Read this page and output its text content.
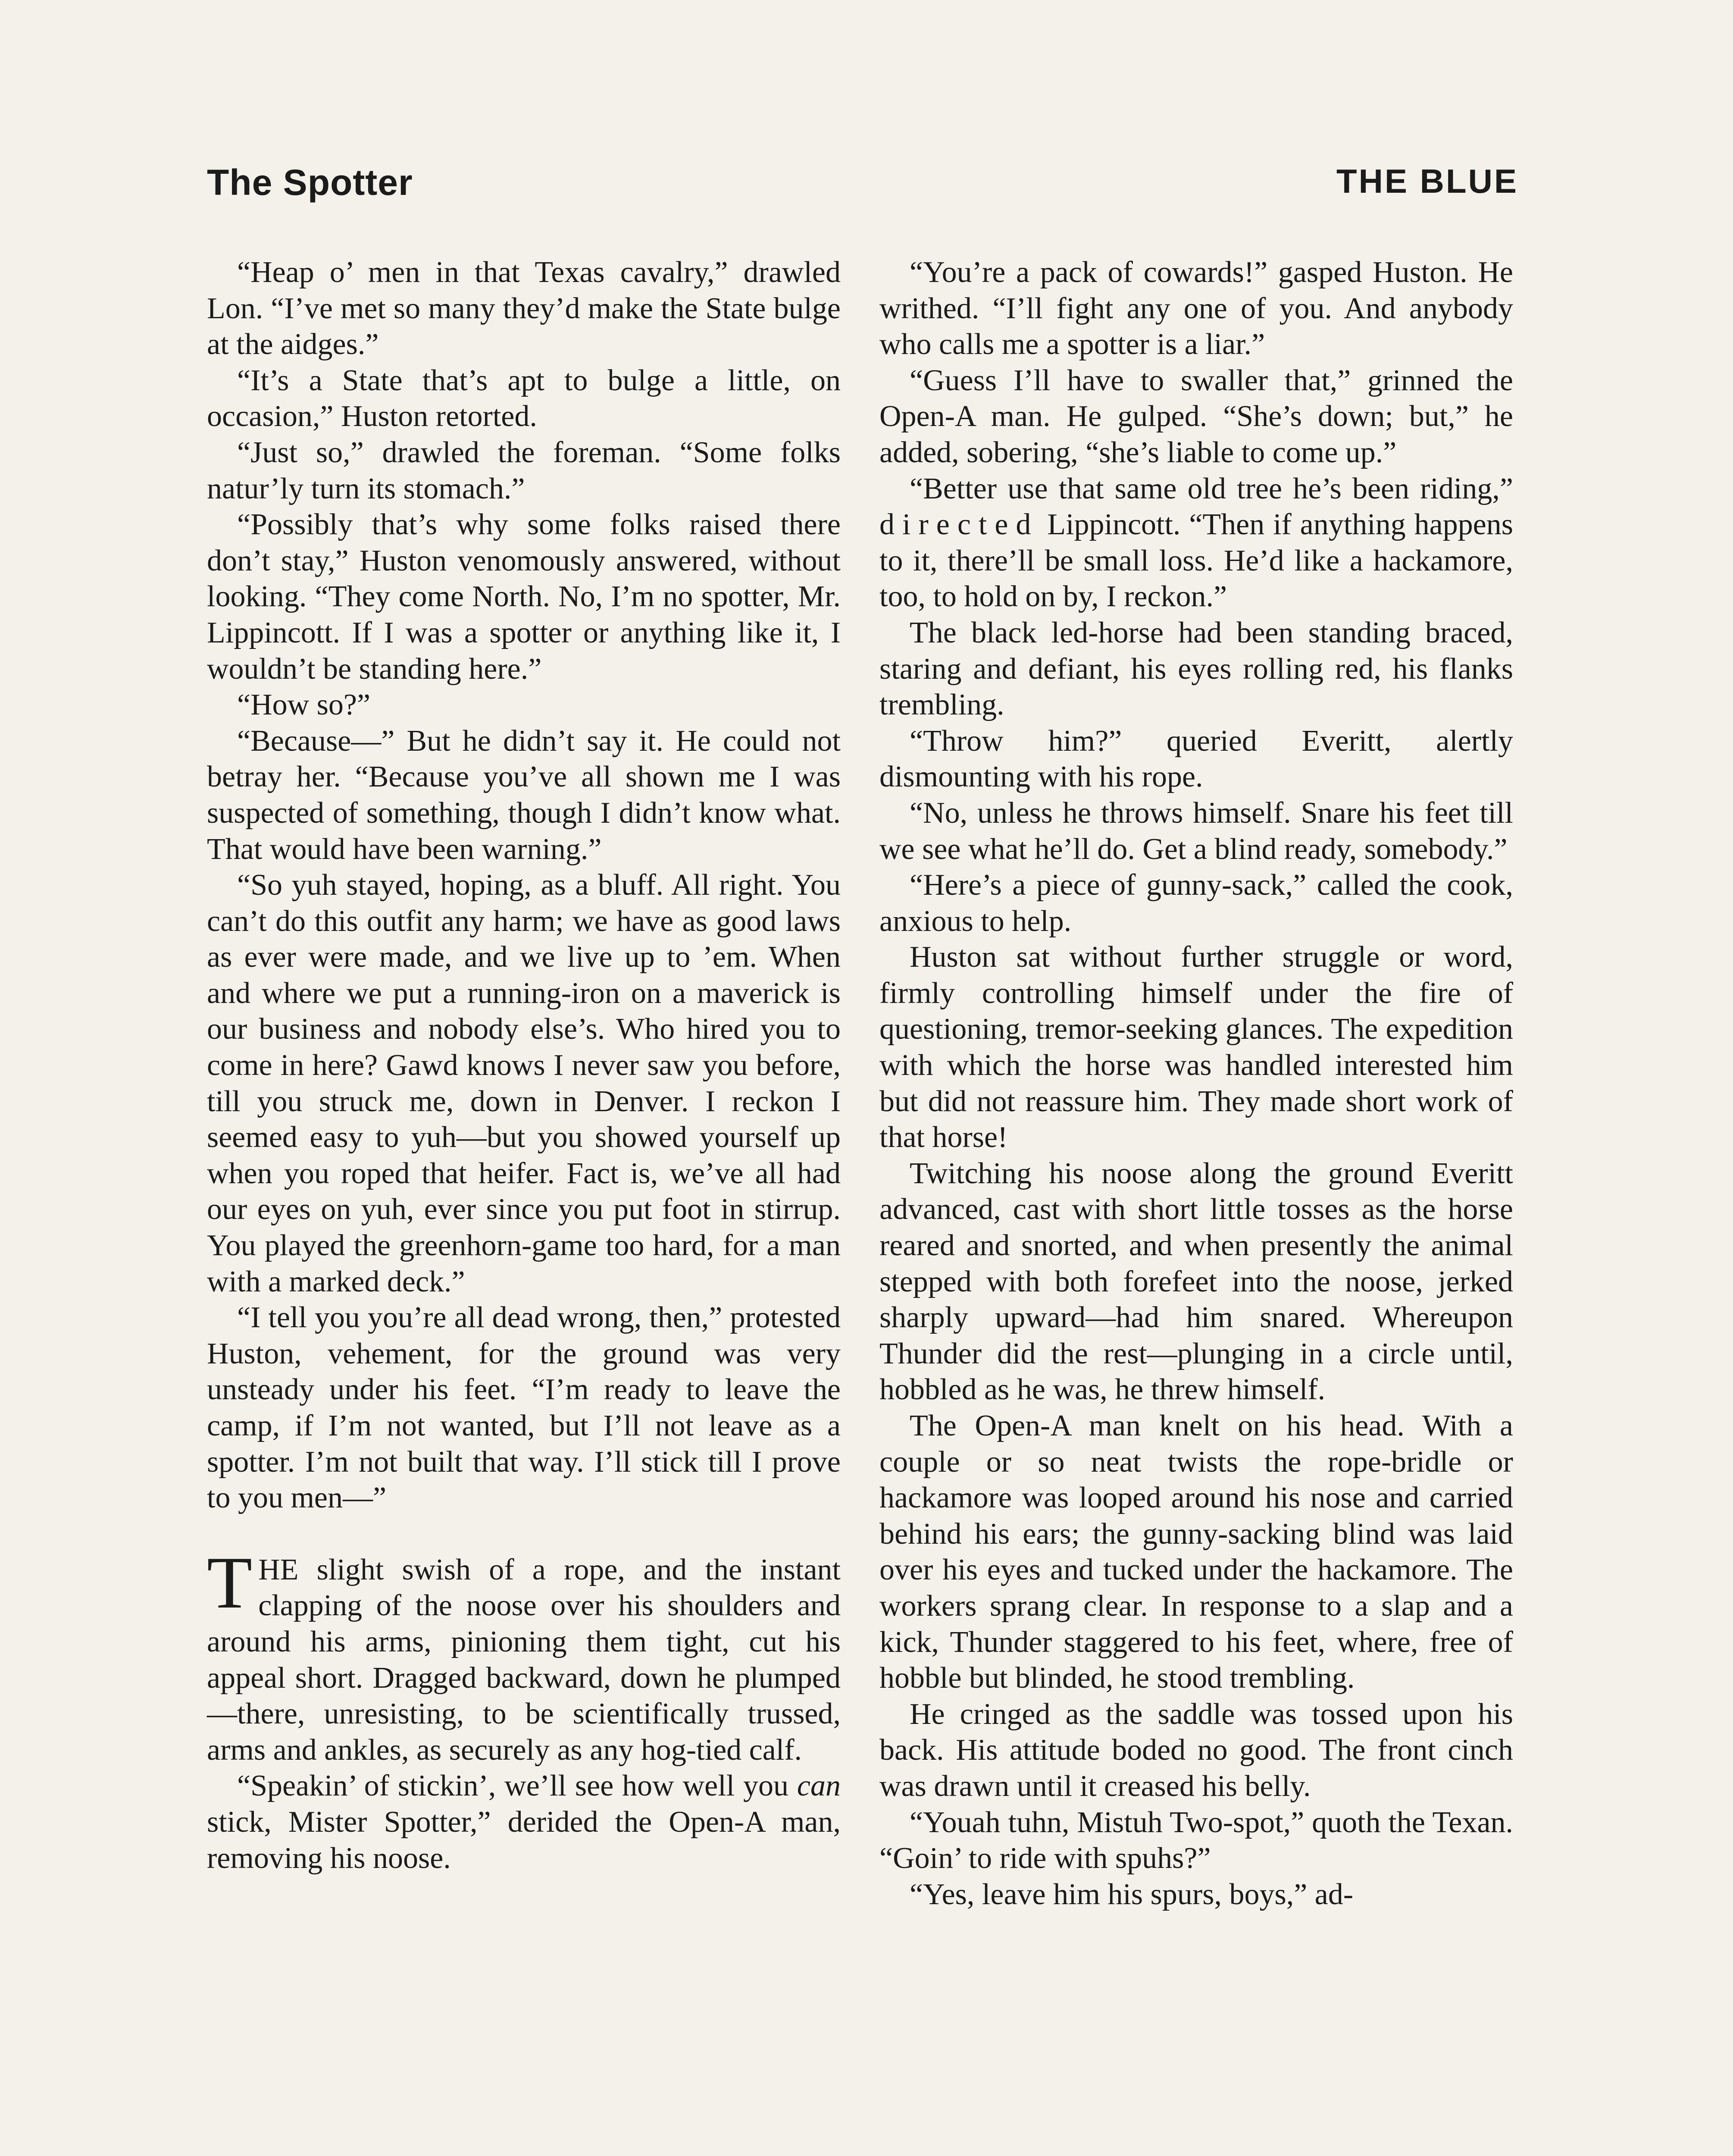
The Spotter	THE BLUE

“Heap o’ men in that Texas cavalry,” drawled Lon. “I’ve met so many they’d make the State bulge at the aidges.”

“It’s a State that’s apt to bulge a little, on occasion,” Huston retorted.

“Just so,” drawled the foreman. “Some folks natur’ly turn its stomach.”

“Possibly that’s why some folks raised there don’t stay,” Huston venomously answered, without looking. “They come North. No, I’m no spotter, Mr. Lippincott. If I was a spotter or anything like it, I wouldn’t be standing here.”

“How so?”

“Because—” But he didn’t say it. He could not betray her. “Because you’ve all shown me I was suspected of something, though I didn’t know what. That would have been warning.”

“So yuh stayed, hoping, as a bluff. All right. You can’t do this outfit any harm; we have as good laws as ever were made, and we live up to ’em. When and where we put a running-iron on a maverick is our business and nobody else’s. Who hired you to come in here? Gawd knows I never saw you before, till you struck me, down in Denver. I reckon I seemed easy to yuh—but you showed yourself up when you roped that heifer. Fact is, we’ve all had our eyes on yuh, ever since you put foot in stirrup. You played the greenhorn-game too hard, for a man with a marked deck.”

“I tell you you’re all dead wrong, then,” protested Huston, vehement, for the ground was very unsteady under his feet. “I’m ready to leave the camp, if I’m not wanted, but I’ll not leave as a spotter. I’m not built that way. I’ll stick till I prove to you men—”

THE slight swish of a rope, and the instant clapping of the noose over his shoulders and around his arms, pinioning them tight, cut his appeal short. Dragged backward, down he plumped—there, unresisting, to be scientifically trussed, arms and ankles, as securely as any hog-tied calf.

“Speakin’ of stickin’, we’ll see how well you can stick, Mister Spotter,” derided the Open-A man, removing his noose.

“You’re a pack of cowards!” gasped Huston. He writhed. “I’ll fight any one of you. And anybody who calls me a spotter is a liar.”

“Guess I’ll have to swaller that,” grinned the Open-A man. He gulped. “She’s down; but,” he added, sobering, “she’s liable to come up.”

“Better use that same old tree he’s been riding,” directed Lippincott. “Then if anything happens to it, there’ll be small loss. He’d like a hackamore, too, to hold on by, I reckon.”

The black led-horse had been standing braced, staring and defiant, his eyes rolling red, his flanks trembling.

“Throw him?” queried Everitt, alertly dismounting with his rope.

“No, unless he throws himself. Snare his feet till we see what he’ll do. Get a blind ready, somebody.”

“Here’s a piece of gunny-sack,” called the cook, anxious to help.

Huston sat without further struggle or word, firmly controlling himself under the fire of questioning, tremor-seeking glances. The expedition with which the horse was handled interested him but did not reassure him. They made short work of that horse!

Twitching his noose along the ground Everitt advanced, cast with short little tosses as the horse reared and snorted, and when presently the animal stepped with both forefeet into the noose, jerked sharply upward—had him snared. Whereupon Thunder did the rest—plunging in a circle until, hobbled as he was, he threw himself.

The Open-A man knelt on his head. With a couple or so neat twists the rope-bridle or hackamore was looped around his nose and carried behind his ears; the gunny-sacking blind was laid over his eyes and tucked under the hackamore. The workers sprang clear. In response to a slap and a kick, Thunder staggered to his feet, where, free of hobble but blinded, he stood trembling.

He cringed as the saddle was tossed upon his back. His attitude boded no good. The front cinch was drawn until it creased his belly.

“Youah tuhn, Mistuh Two-spot,” quoth the Texan. “Goin’ to ride with spuhs?”

“Yes, leave him his spurs, boys,” ad-
